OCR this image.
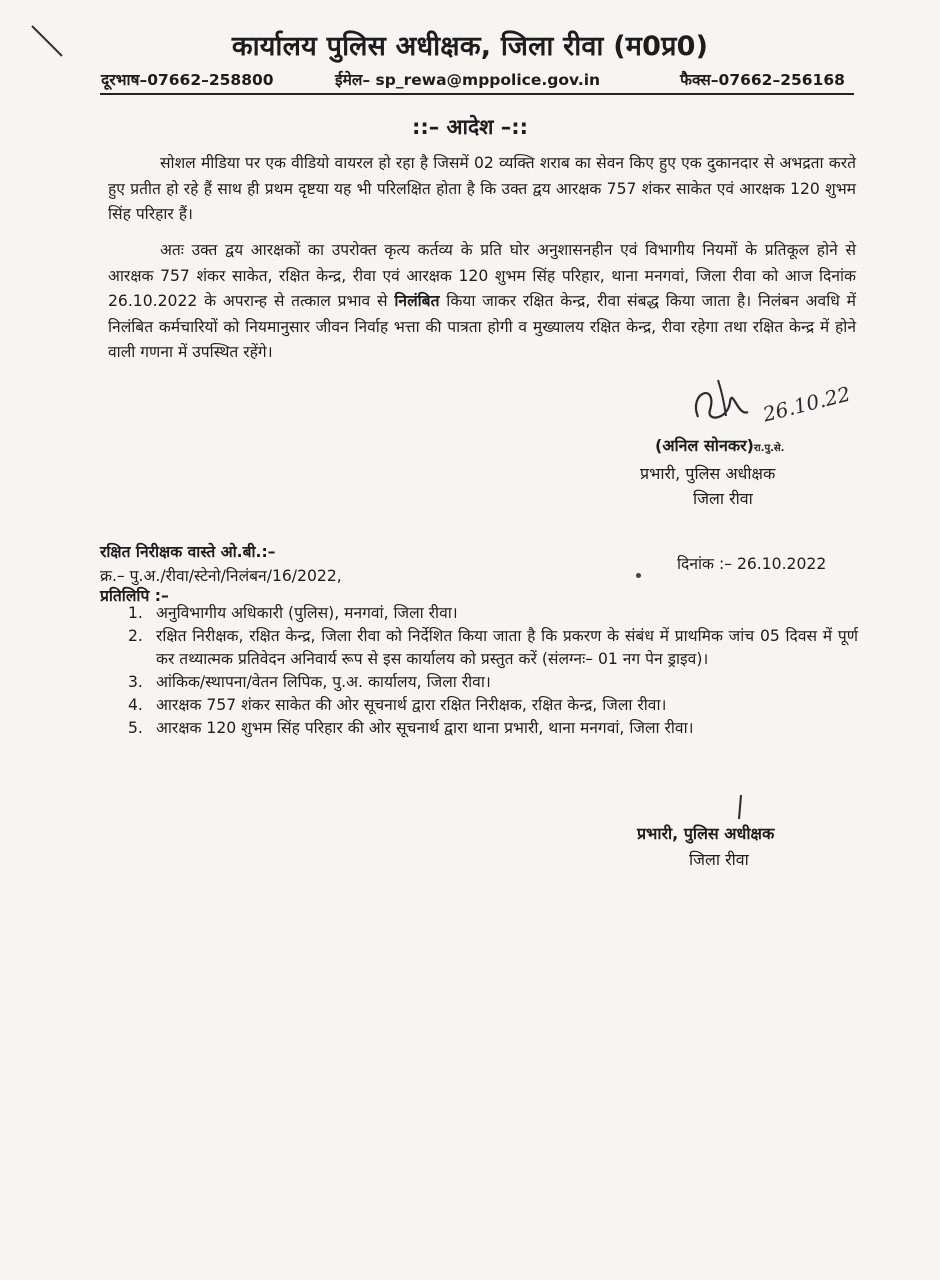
कार्यालय पुलिस अधीक्षक, जिला रीवा (म0प्र0)
दूरभाष–07662–258800	ईमेल– sp_rewa@mppolice.gov.in	फैक्स–07662–256168
::– आदेश –::
सोशल मीडिया पर एक वीडियो वायरल हो रहा है जिसमें 02 व्यक्ति शराब का सेवन किए हुए एक दुकानदार से अभद्रता करते हुए प्रतीत हो रहे हैं साथ ही प्रथम दृष्टया यह भी परिलक्षित होता है कि उक्त द्वय आरक्षक 757 शंकर साकेत एवं आरक्षक 120 शुभम सिंह परिहार हैं।
अतः उक्त द्वय आरक्षकों का उपरोक्त कृत्य कर्तव्य के प्रति घोर अनुशासनहीन एवं विभागीय नियमों के प्रतिकूल होने से आरक्षक 757 शंकर साकेत, रक्षित केन्द्र, रीवा एवं आरक्षक 120 शुभम सिंह परिहार, थाना मनगवां, जिला रीवा को आज दिनांक 26.10.2022 के अपरान्ह से तत्काल प्रभाव से निलंबित किया जाकर रक्षित केन्द्र, रीवा संबद्ध किया जाता है। निलंबन अवधि में निलंबित कर्मचारियों को नियमानुसार जीवन निर्वाह भत्ता की पात्रता होगी व मुख्यालय रक्षित केन्द्र, रीवा रहेगा तथा रक्षित केन्द्र में होने वाली गणना में उपस्थित रहेंगे।
26.10.22
(अनिल सोनकर)रा.पु.से.
प्रभारी, पुलिस अधीक्षक
जिला रीवा
रक्षित निरीक्षक वास्ते ओ.बी.:–
क्र.– पु.अ./रीवा/स्टेनो/निलंबन/16/2022,
दिनांक :– 26.10.2022
प्रतिलिपि :–
1. अनुविभागीय अधिकारी (पुलिस), मनगवां, जिला रीवा।
2. रक्षित निरीक्षक, रक्षित केन्द्र, जिला रीवा को निर्देशित किया जाता है कि प्रकरण के संबंध में प्राथमिक जांच 05 दिवस में पूर्ण कर तथ्यात्मक प्रतिवेदन अनिवार्य रूप से इस कार्यालय को प्रस्तुत करें (संलग्नः– 01 नग पेन ड्राइव)।
3. आंकिक/स्थापना/वेतन लिपिक, पु.अ. कार्यालय, जिला रीवा।
4. आरक्षक 757 शंकर साकेत की ओर सूचनार्थ द्वारा रक्षित निरीक्षक, रक्षित केन्द्र, जिला रीवा।
5. आरक्षक 120 शुभम सिंह परिहार की ओर सूचनार्थ द्वारा थाना प्रभारी, थाना मनगवां, जिला रीवा।
प्रभारी, पुलिस अधीक्षक
जिला रीवा
